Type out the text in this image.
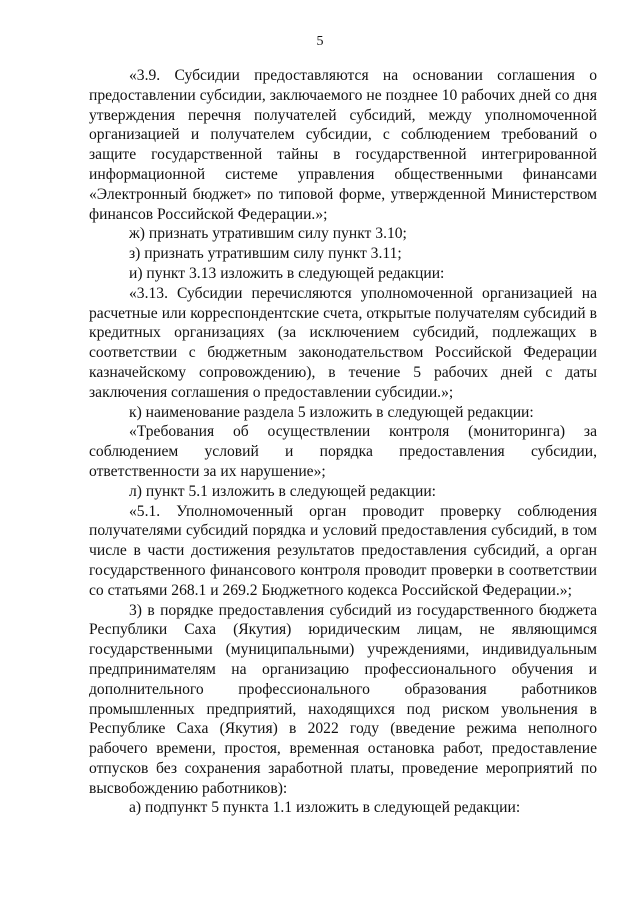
5

«3.9. Субсидии предоставляются на основании соглашения о предоставлении субсидии, заключаемого не позднее 10 рабочих дней со дня утверждения перечня получателей субсидий, между уполномоченной организацией и получателем субсидии, с соблюдением требований о защите государственной тайны в государственной интегрированной информационной системе управления общественными финансами «Электронный бюджет» по типовой форме, утвержденной Министерством финансов Российской Федерации.»;

ж) признать утратившим силу пункт 3.10;

з) признать утратившим силу пункт 3.11;

и) пункт 3.13 изложить в следующей редакции:

«3.13. Субсидии перечисляются уполномоченной организацией на расчетные или корреспондентские счета, открытые получателям субсидий в кредитных организациях (за исключением субсидий, подлежащих в соответствии с бюджетным законодательством Российской Федерации казначейскому сопровождению), в течение 5 рабочих дней с даты заключения соглашения о предоставлении субсидии.»;

к) наименование раздела 5 изложить в следующей редакции:

«Требования об осуществлении контроля (мониторинга) за соблюдением условий и порядка предоставления субсидии, ответственности за их нарушение»;

л) пункт 5.1 изложить в следующей редакции:

«5.1. Уполномоченный орган проводит проверку соблюдения получателями субсидий порядка и условий предоставления субсидий, в том числе в части достижения результатов предоставления субсидий, а орган государственного финансового контроля проводит проверки в соответствии со статьями 268.1 и 269.2 Бюджетного кодекса Российской Федерации.»;

3) в порядке предоставления субсидий из государственного бюджета Республики Саха (Якутия) юридическим лицам, не являющимся государственными (муниципальными) учреждениями, индивидуальным предпринимателям на организацию профессионального обучения и дополнительного профессионального образования работников промышленных предприятий, находящихся под риском увольнения в Республике Саха (Якутия) в 2022 году (введение режима неполного рабочего времени, простоя, временная остановка работ, предоставление отпусков без сохранения заработной платы, проведение мероприятий по высвобождению работников):

а) подпункт 5 пункта 1.1 изложить в следующей редакции:
